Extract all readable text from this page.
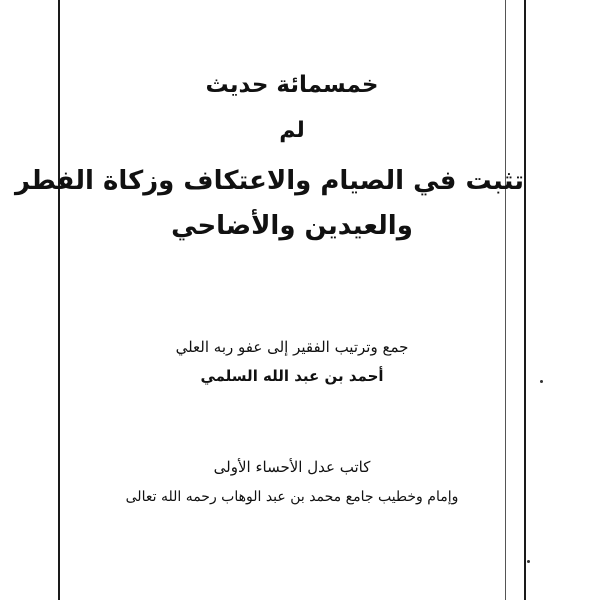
خمسمائة حديث
لم
تثبت في الصيام والاعتكاف وزكاة الفطر
والعيدين والأضاحي
جمع وترتيب الفقير إلى عفو ربه العلي
أحمد بن عبد الله السلمي
كاتب عدل الأحساء الأولى
وإمام وخطيب جامع محمد بن عبد الوهاب رحمه الله تعالى
